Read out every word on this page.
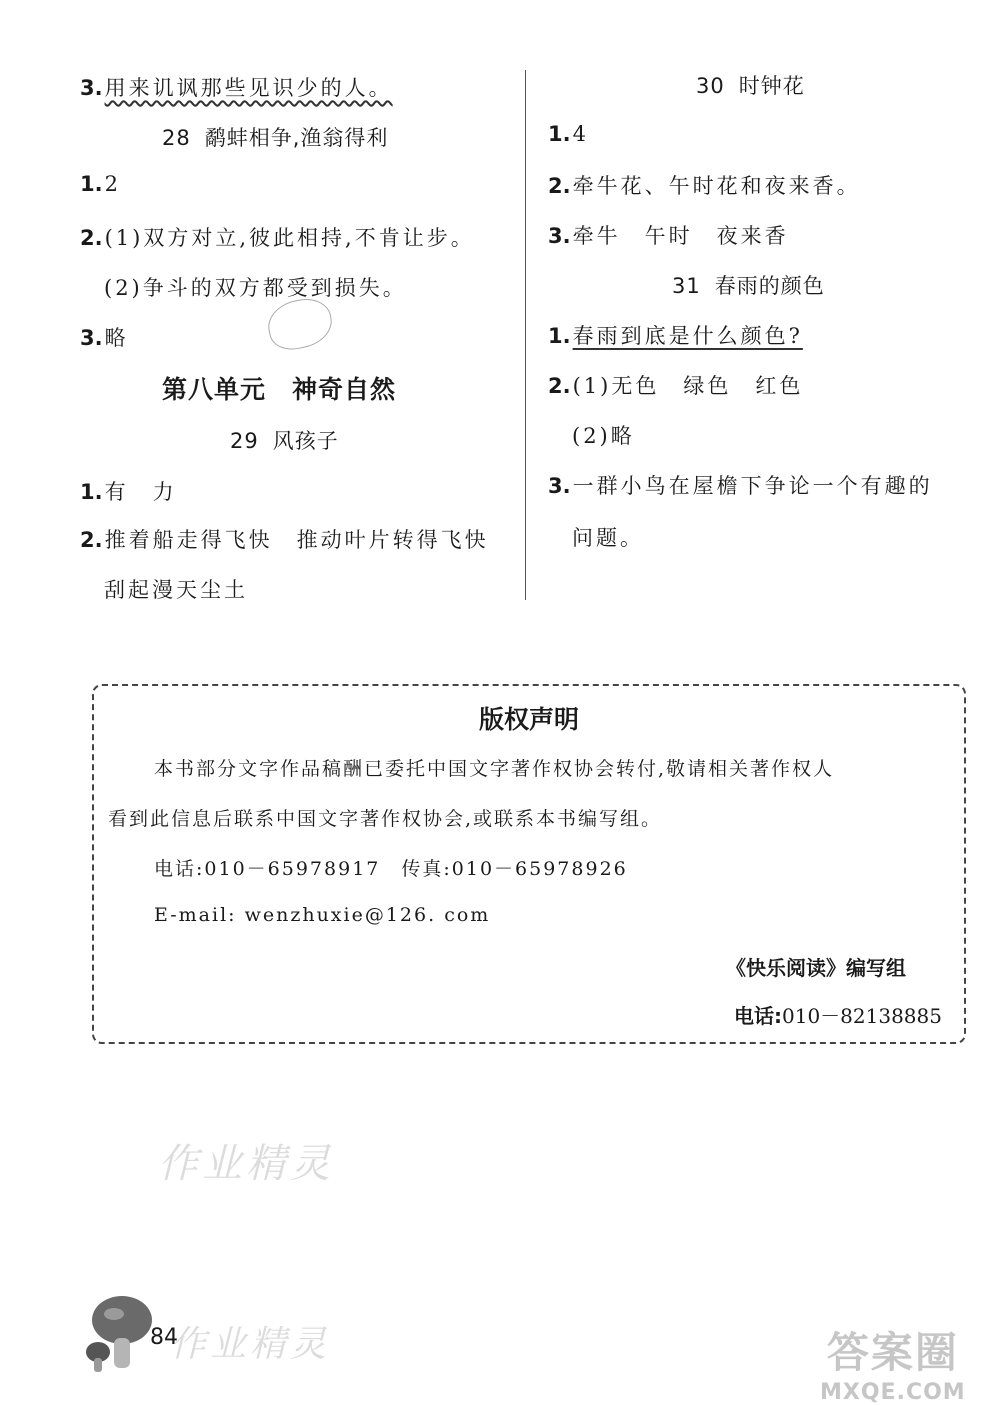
3.用来讥讽那些见识少的人。
28 鹬蚌相争,渔翁得利
1.2
2.(1)双方对立,彼此相持,不肯让步。
(2)争斗的双方都受到损失。
3.略
第八单元　神奇自然
29 风孩子
1.有　力
2.推着船走得飞快　推动叶片转得飞快
刮起漫天尘土
30 时钟花
1.4
2.牵牛花、午时花和夜来香。
3.牵牛　午时　夜来香
31 春雨的颜色
1.春雨到底是什么颜色?
2.(1)无色　绿色　红色
(2)略
3.一群小鸟在屋檐下争论一个有趣的
问题。
版权声明
本书部分文字作品稿酬已委托中国文字著作权协会转付,敬请相关著作权人
看到此信息后联系中国文字著作权协会,或联系本书编写组。
电话:010－65978917　传真:010－65978926
E-mail: wenzhuxie@126. com
《快乐阅读》编写组
电话:010－82138885
作业精灵
84
作业精灵	答案圈
MXQE.COM
